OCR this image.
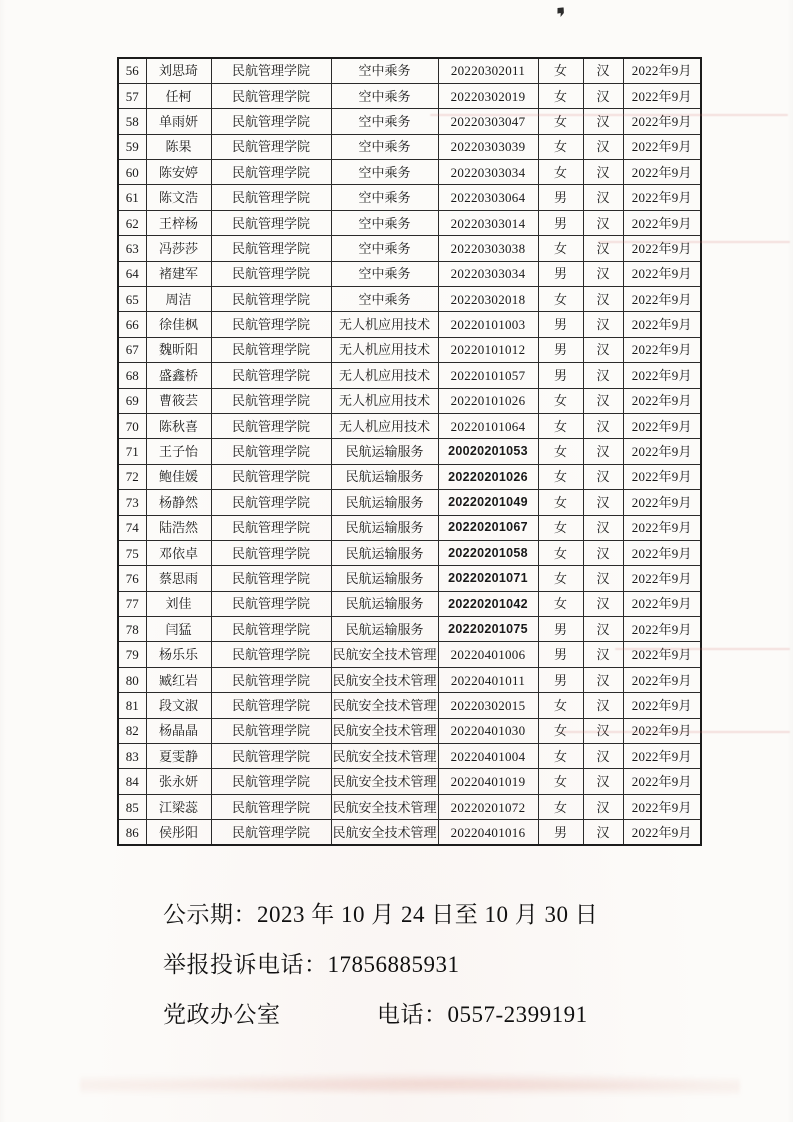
56	刘思琦	民航管理学院	空中乘务	20220302011	女	汉	2022年9月
57	任柯	民航管理学院	空中乘务	20220302019	女	汉	2022年9月
58	单雨妍	民航管理学院	空中乘务	20220303047	女	汉	2022年9月
59	陈果	民航管理学院	空中乘务	20220303039	女	汉	2022年9月
60	陈安婷	民航管理学院	空中乘务	20220303034	女	汉	2022年9月
61	陈文浩	民航管理学院	空中乘务	20220303064	男	汉	2022年9月
62	王梓杨	民航管理学院	空中乘务	20220303014	男	汉	2022年9月
63	冯莎莎	民航管理学院	空中乘务	20220303038	女	汉	2022年9月
64	褚建军	民航管理学院	空中乘务	20220303034	男	汉	2022年9月
65	周洁	民航管理学院	空中乘务	20220302018	女	汉	2022年9月
66	徐佳枫	民航管理学院	无人机应用技术	20220101003	男	汉	2022年9月
67	魏昕阳	民航管理学院	无人机应用技术	20220101012	男	汉	2022年9月
68	盛鑫桥	民航管理学院	无人机应用技术	20220101057	男	汉	2022年9月
69	曹筱芸	民航管理学院	无人机应用技术	20220101026	女	汉	2022年9月
70	陈秋喜	民航管理学院	无人机应用技术	20220101064	女	汉	2022年9月
71	王子怡	民航管理学院	民航运输服务	20020201053	女	汉	2022年9月
72	鲍佳媛	民航管理学院	民航运输服务	20220201026	女	汉	2022年9月
73	杨静然	民航管理学院	民航运输服务	20220201049	女	汉	2022年9月
74	陆浩然	民航管理学院	民航运输服务	20220201067	女	汉	2022年9月
75	邓依卓	民航管理学院	民航运输服务	20220201058	女	汉	2022年9月
76	蔡思雨	民航管理学院	民航运输服务	20220201071	女	汉	2022年9月
77	刘佳	民航管理学院	民航运输服务	20220201042	女	汉	2022年9月
78	闫猛	民航管理学院	民航运输服务	20220201075	男	汉	2022年9月
79	杨乐乐	民航管理学院	民航安全技术管理	20220401006	男	汉	2022年9月
80	臧红岩	民航管理学院	民航安全技术管理	20220401011	男	汉	2022年9月
81	段文淑	民航管理学院	民航安全技术管理	20220302015	女	汉	2022年9月
82	杨晶晶	民航管理学院	民航安全技术管理	20220401030	女	汉	2022年9月
83	夏雯静	民航管理学院	民航安全技术管理	20220401004	女	汉	2022年9月
84	张永妍	民航管理学院	民航安全技术管理	20220401019	女	汉	2022年9月
85	江梁蕊	民航管理学院	民航安全技术管理	20220201072	女	汉	2022年9月
86	侯彤阳	民航管理学院	民航安全技术管理	20220401016	男	汉	2022年9月
公示期：2023 年 10 月 24 日至 10 月 30 日
举报投诉电话：17856885931
党政办公室	电话：0557-2399191
